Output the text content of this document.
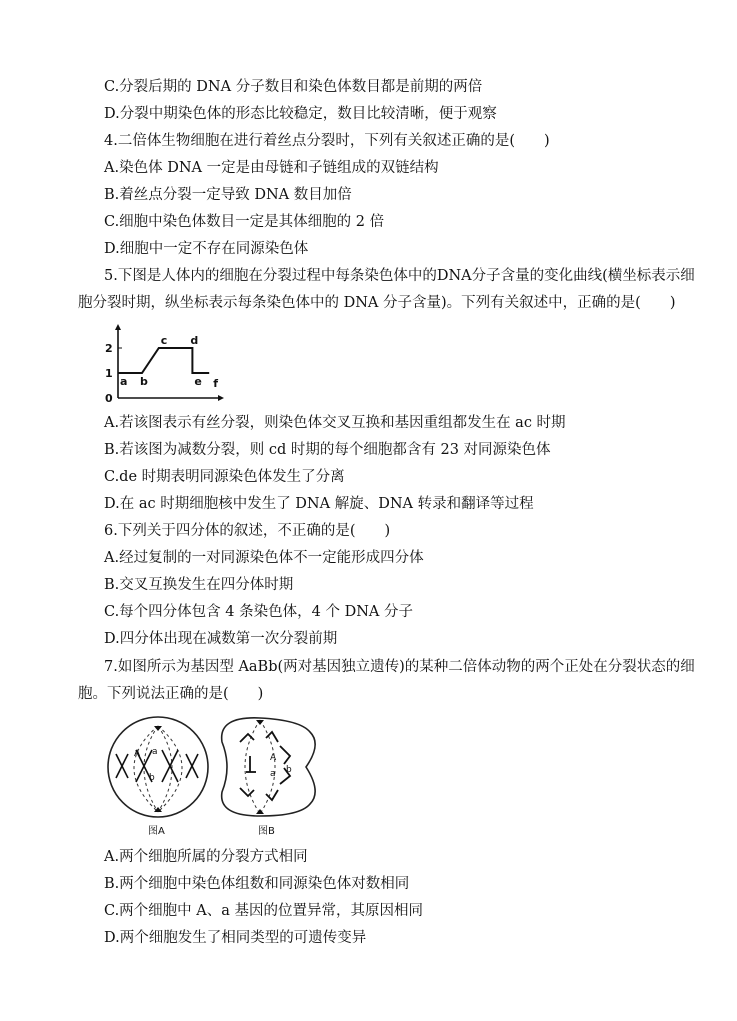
C.分裂后期的 DNA 分子数目和染色体数目都是前期的两倍
D.分裂中期染色体的形态比较稳定，数目比较清晰，便于观察
4.二倍体生物细胞在进行着丝点分裂时，下列有关叙述正确的是(　　)
A.染色体 DNA 一定是由母链和子链组成的双链结构
B.着丝点分裂一定导致 DNA 数目加倍
C.细胞中染色体数目一定是其体细胞的 2 倍
D.细胞中一定不存在同源染色体
5.下图是人体内的细胞在分裂过程中每条染色体中的DNA分子含量的变化曲线(横坐标表示细
胞分裂时期，纵坐标表示每条染色体中的 DNA 分子含量)。下列有关叙述中，正确的是(　　)
0
1
2
a b
c d
e f
A.若该图表示有丝分裂，则染色体交叉互换和基因重组都发生在 ac 时期
B.若该图为减数分裂，则 cd 时期的每个细胞都含有 23 对同源染色体
C.de 时期表明同源染色体发生了分离
D.在 ac 时期细胞核中发生了 DNA 解旋、DNA 转录和翻译等过程
6.下列关于四分体的叙述，不正确的是(　　)
A.经过复制的一对同源染色体不一定能形成四分体
B.交叉互换发生在四分体时期
C.每个四分体包含 4 条染色体，4 个 DNA 分子
D.四分体出现在减数第一次分裂前期
7.如图所示为基因型 AaBb(两对基因独立遗传)的某种二倍体动物的两个正处在分裂状态的细
胞。下列说法正确的是(　　)
A a
b
图A
A
a b
图B
A.两个细胞所属的分裂方式相同
B.两个细胞中染色体组数和同源染色体对数相同
C.两个细胞中 A、a 基因的位置异常，其原因相同
D.两个细胞发生了相同类型的可遗传变异
